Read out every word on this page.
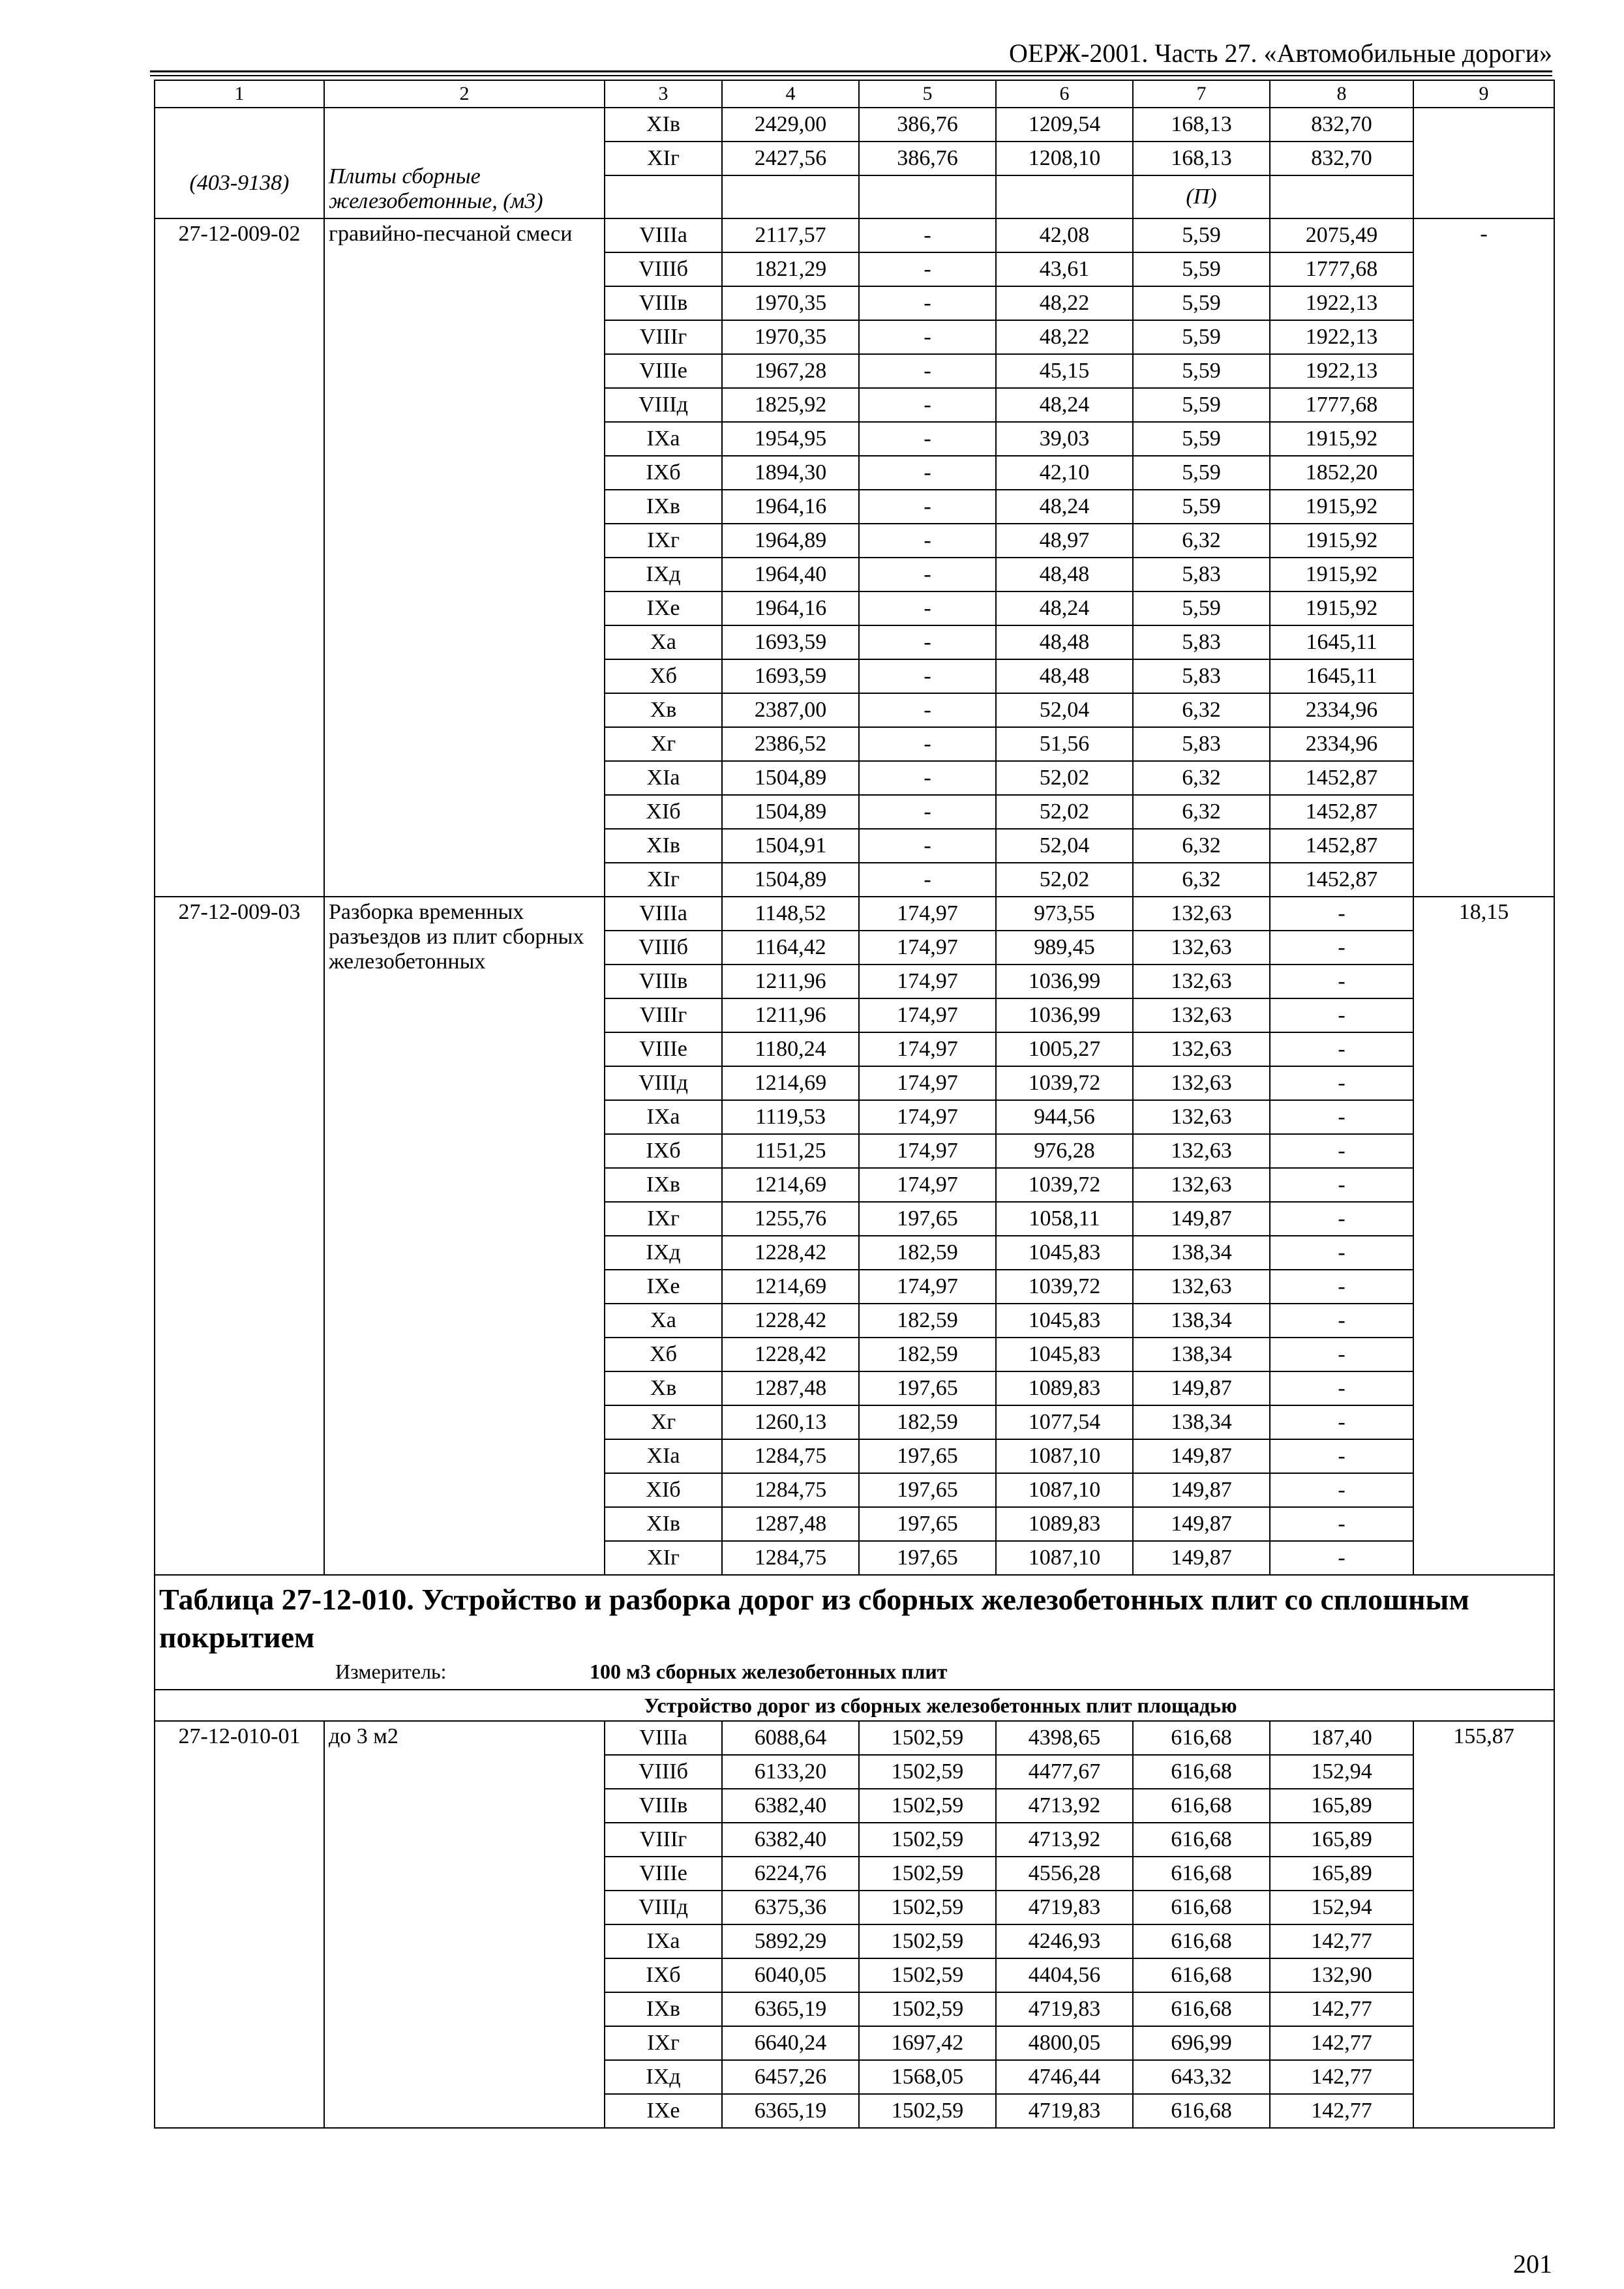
ОЕРЖ-2001. Часть 27. «Автомобильные дороги»
1	2	3	4	5	6	7	8	9
(403-9138)	Плиты сборные железобетонные, (м3)	XIв	2429,00	386,76	1209,54	168,13	832,70	
		XIг	2427,56	386,76	1208,10	168,13	832,70	
						(П)		
27-12-009-02	гравийно-песчаной смеси	VIIIа	2117,57	-	42,08	5,59	2075,49	-
		VIIIб	1821,29	-	43,61	5,59	1777,68	
		VIIIв	1970,35	-	48,22	5,59	1922,13	
		VIIIг	1970,35	-	48,22	5,59	1922,13	
		VIIIе	1967,28	-	45,15	5,59	1922,13	
		VIIIд	1825,92	-	48,24	5,59	1777,68	
		IXа	1954,95	-	39,03	5,59	1915,92	
		IXб	1894,30	-	42,10	5,59	1852,20	
		IXв	1964,16	-	48,24	5,59	1915,92	
		IXг	1964,89	-	48,97	6,32	1915,92	
		IXд	1964,40	-	48,48	5,83	1915,92	
		IXе	1964,16	-	48,24	5,59	1915,92	
		Xа	1693,59	-	48,48	5,83	1645,11	
		Xб	1693,59	-	48,48	5,83	1645,11	
		Xв	2387,00	-	52,04	6,32	2334,96	
		Xг	2386,52	-	51,56	5,83	2334,96	
		XIа	1504,89	-	52,02	6,32	1452,87	
		XIб	1504,89	-	52,02	6,32	1452,87	
		XIв	1504,91	-	52,04	6,32	1452,87	
		XIг	1504,89	-	52,02	6,32	1452,87	
27-12-009-03	Разборка временных разъездов из плит сборных железобетонных	VIIIа	1148,52	174,97	973,55	132,63	-	18,15
		VIIIб	1164,42	174,97	989,45	132,63	-	
		VIIIв	1211,96	174,97	1036,99	132,63	-	
		VIIIг	1211,96	174,97	1036,99	132,63	-	
		VIIIе	1180,24	174,97	1005,27	132,63	-	
		VIIIд	1214,69	174,97	1039,72	132,63	-	
		IXа	1119,53	174,97	944,56	132,63	-	
		IXб	1151,25	174,97	976,28	132,63	-	
		IXв	1214,69	174,97	1039,72	132,63	-	
		IXг	1255,76	197,65	1058,11	149,87	-	
		IXд	1228,42	182,59	1045,83	138,34	-	
		IXе	1214,69	174,97	1039,72	132,63	-	
		Xа	1228,42	182,59	1045,83	138,34	-	
		Xб	1228,42	182,59	1045,83	138,34	-	
		Xв	1287,48	197,65	1089,83	149,87	-	
		Xг	1260,13	182,59	1077,54	138,34	-	
		XIа	1284,75	197,65	1087,10	149,87	-	
		XIб	1284,75	197,65	1087,10	149,87	-	
		XIв	1287,48	197,65	1089,83	149,87	-	
		XIг	1284,75	197,65	1087,10	149,87	-	

Таблица 27-12-010. Устройство и разборка дорог из сборных железобетонных плит со сплошным покрытием
Измеритель: 100 м3 сборных железобетонных плит								

Устройство дорог из сборных железобетонных плит площадью								
27-12-010-01	до 3 м2	VIIIа	6088,64	1502,59	4398,65	616,68	187,40	155,87
		VIIIб	6133,20	1502,59	4477,67	616,68	152,94	
		VIIIв	6382,40	1502,59	4713,92	616,68	165,89	
		VIIIг	6382,40	1502,59	4713,92	616,68	165,89	
		VIIIе	6224,76	1502,59	4556,28	616,68	165,89	
		VIIIд	6375,36	1502,59	4719,83	616,68	152,94	
		IXа	5892,29	1502,59	4246,93	616,68	142,77	
		IXб	6040,05	1502,59	4404,56	616,68	132,90	
		IXв	6365,19	1502,59	4719,83	616,68	142,77	
		IXг	6640,24	1697,42	4800,05	696,99	142,77	
		IXд	6457,26	1568,05	4746,44	643,32	142,77	
		IXе	6365,19	1502,59	4719,83	616,68	142,77	
201
